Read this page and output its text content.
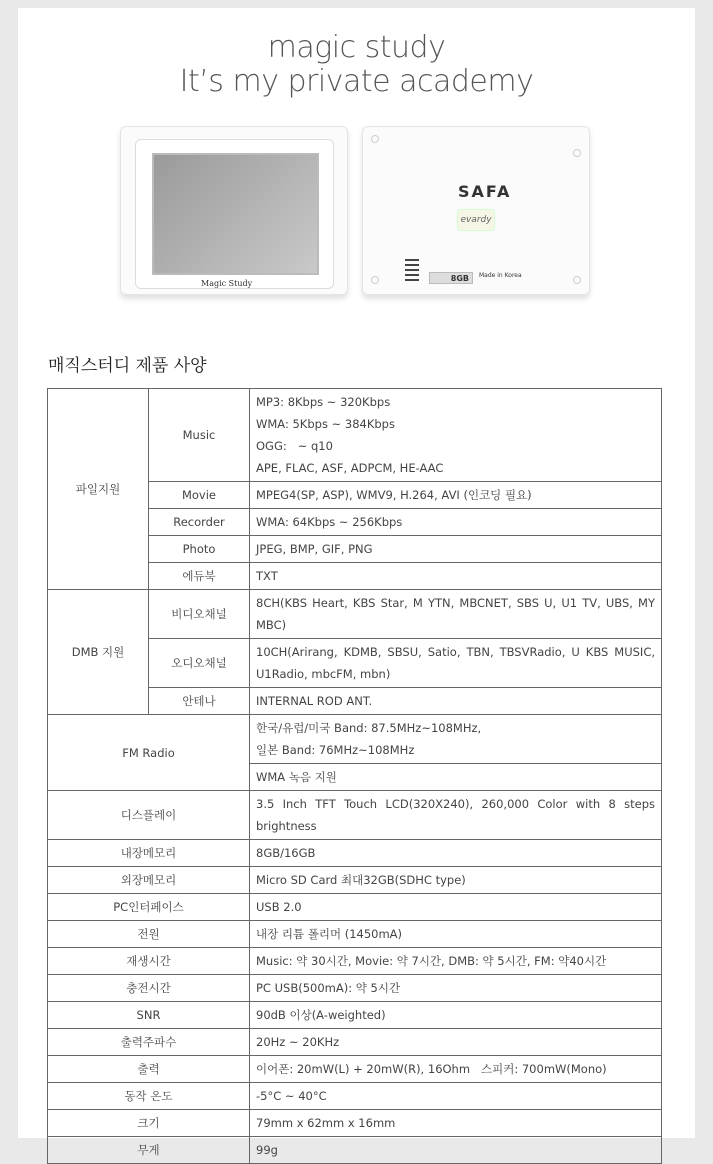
magic study
It’s my private academy
Magic Study
SAFA
evardy
8GB	Made in Korea
매직스터디 제품 사양
파일지원	Music	MP3: 8Kbps ~ 320Kbps
WMA: 5Kbps ~ 384Kbps
OGG:   ~ q10
APE, FLAC, ASF, ADPCM, HE-AAC

	Movie	MPEG4(SP, ASP), WMV9, H.264, AVI (인코딩 필요)
	Recorder	WMA: 64Kbps ~ 256Kbps
	Photo	JPEG, BMP, GIF, PNG
	에듀북	TXT
DMB 지원	비디오채널	8CH(KBS Heart, KBS Star, M YTN, MBCNET, SBS U, U1 TV, UBS, MY MBC)
	오디오채널	10CH(Arirang, KDMB, SBSU, Satio, TBN, TBSVRadio, U KBS MUSIC, U1Radio, mbcFM, mbn)
	안테나	INTERNAL ROD ANT.
FM Radio		한국/유럽/미국 Band: 87.5MHz~108MHz,
일본 Band: 76MHz~108MHz

		WMA 녹음 지원
디스플레이		3.5 Inch TFT Touch LCD(320X240), 260,000 Color with 8 steps brightness
내장메모리		8GB/16GB
외장메모리		Micro SD Card 최대32GB(SDHC type)
PC인터페이스		USB 2.0
전원		내장 리튬 폴리머 (1450mA)
재생시간		Music: 약 30시간, Movie: 약 7시간, DMB: 약 5시간, FM: 약40시간
충전시간		PC USB(500mA): 약 5시간
SNR		90dB 이상(A-weighted)
출력주파수		20Hz ~ 20KHz
출력		이어폰: 20mW(L) + 20mW(R), 16Ohm   스피커: 700mW(Mono)
동작 온도		-5°C ~ 40°C
크기		79mm x 62mm x 16mm
무게		99g
